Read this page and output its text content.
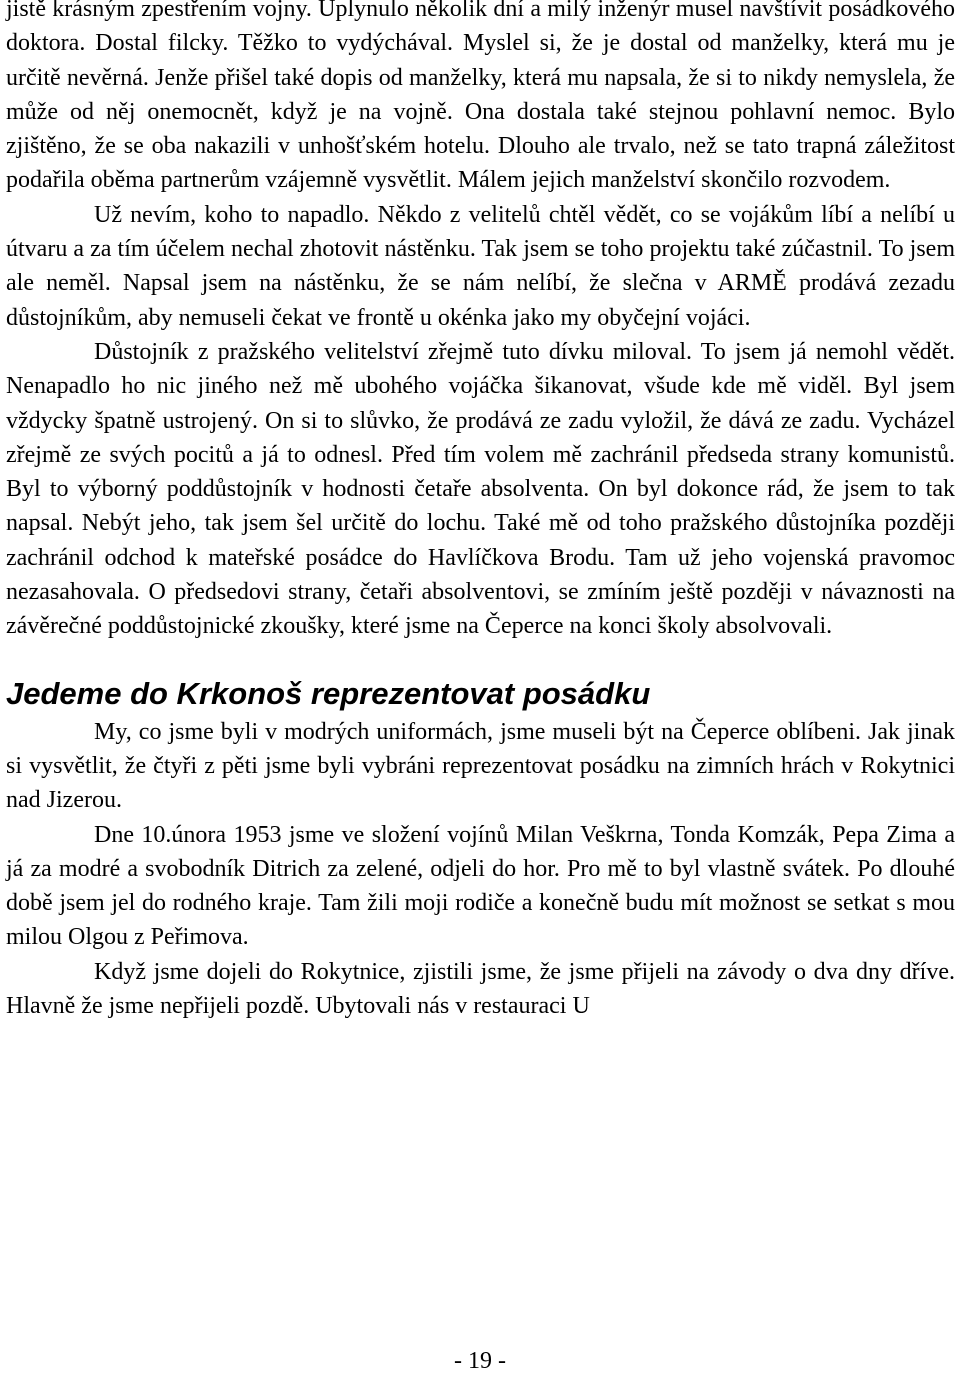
jistě krásným zpestřením vojny. Uplynulo několik dní a milý inženýr musel navštívit posádkového doktora. Dostal filcky. Těžko to vydýchával. Myslel si, že je dostal od manželky, která mu je určitě nevěrná. Jenže přišel také dopis od manželky, která mu napsala, že si to nikdy nemyslela, že může od něj onemocnět, když je na vojně. Ona dostala také stejnou pohlavní nemoc. Bylo zjištěno, že se oba nakazili v unhošťském hotelu. Dlouho ale trvalo, než se tato trapná záležitost podařila oběma partnerům vzájemně vysvětlit. Málem jejich manželství skončilo rozvodem.

Už nevím, koho to napadlo. Někdo z velitelů chtěl vědět, co se vojákům líbí a nelíbí u útvaru a za tím účelem nechal zhotovit nástěnku. Tak jsem se toho projektu také zúčastnil. To jsem ale neměl. Napsal jsem na nástěnku, že se nám nelíbí, že slečna v ARMĚ prodává zezadu důstojníkům, aby nemuseli čekat ve frontě u okénka jako my obyčejní vojáci.

Důstojník z pražského velitelství zřejmě tuto dívku miloval. To jsem já nemohl vědět. Nenapadlo ho nic jiného než mě ubohého vojáčka šikanovat, všude kde mě viděl. Byl jsem vždycky špatně ustrojený. On si to slůvko, že prodává ze zadu vyložil, že dává ze zadu. Vycházel zřejmě ze svých pocitů a já to odnesl. Před tím volem mě zachránil předseda strany komunistů. Byl to výborný poddůstojník v hodnosti četaře absolventa. On byl dokonce rád, že jsem to tak napsal. Nebýt jeho, tak jsem šel určitě do lochu. Také mě od toho pražského důstojníka později zachránil odchod k mateřské posádce do Havlíčkova Brodu. Tam už jeho vojenská pravomoc nezasahovala. O předsedovi strany, četaři absolventovi, se zmíním ještě později v návaznosti na závěrečné poddůstojnické zkoušky, které jsme na Čeperce na konci školy absolvovali.

Jedeme do Krkonoš reprezentovat posádku

My, co jsme byli v modrých uniformách, jsme museli být na Čeperce oblíbeni. Jak jinak si vysvětlit, že čtyři z pěti jsme byli vybráni reprezentovat posádku na zimních hrách v Rokytnici nad Jizerou.

Dne 10.února 1953 jsme ve složení vojínů Milan Veškrna, Tonda Komzák, Pepa Zima a já za modré a svobodník Ditrich za zelené, odjeli do hor. Pro mě to byl vlastně svátek. Po dlouhé době jsem jel do rodného kraje. Tam žili moji rodiče a konečně budu mít možnost se setkat s mou milou Olgou z Peřimova.

Když jsme dojeli do Rokytnice, zjistili jsme, že jsme přijeli na závody o dva dny dříve. Hlavně že jsme nepřijeli pozdě. Ubytovali nás v restauraci U

- 19 -
